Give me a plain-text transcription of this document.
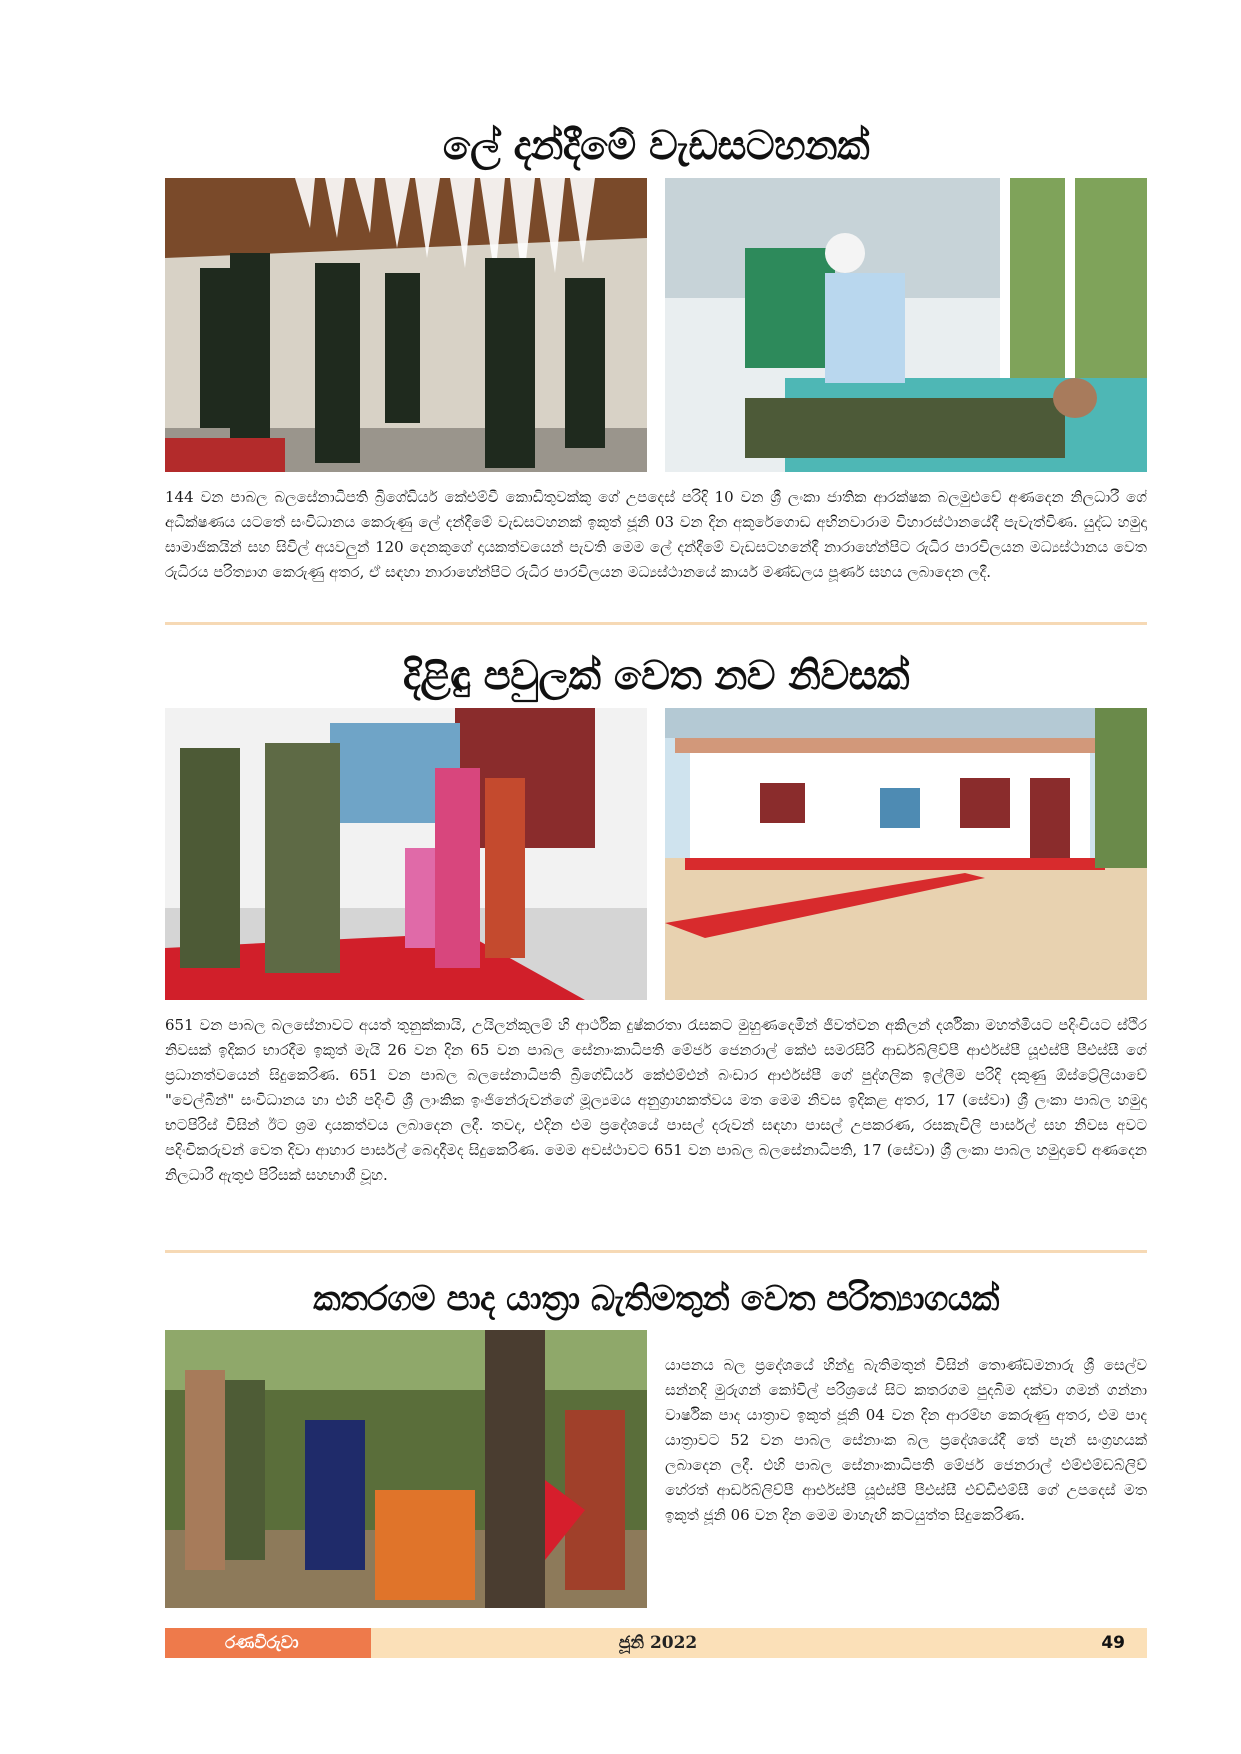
ලේ දන්දීමේ වැඩසටහනක්
144 වන පාබල බලසේනාධිපති බ්‍රිගේඩියර් කේඑම්වී කොඩිතුවක්කු ගේ උපදෙස් පරිදි 10 වන ශ්‍රී ලංකා ජාතික ආරක්ෂක බලමුළුවේ අණදෙන නිලධාරී ගේ අධීක්ෂණය යටතේ සංවිධානය කෙරුණු ලේ දන්දීමේ වැඩසටහනක් ඉකුත් ජූනි 03 වන දින අකුරේගොඩ අභිනවාරාම විහාරස්ථානයේදී පැවැත්විණ. යුද්ධ හමුදා සාමාජිකයින් සහ සිවිල් අයවලුන් 120 දෙනකුගේ දායකත්වයෙන් පැවති මෙම ලේ දන්දීමේ වැඩසටහනේදී නාරාහේන්පිට රුධිර පාරවිලයන මධ්‍යස්ථානය වෙත රුධිරය පරිත්‍යාග කෙරුණු අතර, ඒ සඳහා නාරාහේන්පිට රුධිර පාරවිලයන මධ්‍යස්ථානයේ කාර්ය මණ්ඩලය පූර්ණ සහය ලබාදෙන ලදී.
දිළිඳු පවුලක් වෙත නව නිවසක්
651 වන පාබල බලසේනාවට අයත් තුනුක්කායි, උයිලන්කුලම් හි ආර්ථික දුෂ්කරතා රැසකට මුහුණදෙමින් ජීවත්වන අකිලන් දර්ශිකා මහත්මියට පදිංචියට ස්ථිර නිවසක් ඉදිකර භාරදීම ඉකුත් මැයි 26 වන දින 65 වන පාබල සේනාංකාධිපති මේජර් ජෙනරාල් කේඑ සමරසිරි ආර්ඩබ්ලිව්පී ආර්එස්පී යූඑස්පී පීඑස්සී ගේ ප්‍රධානත්වයෙන් සිදුකෙරිණ. 651 වන පාබල බලසේනාධිපති බ්‍රිගේඩියර් කේඑම්එන් බංඩාර ආර්එස්පී ගේ පුද්ගලික ඉල්ලීම පරිදි දකුණු ඕස්ට්‍රේලියාවේ "වෙල්බීන්" සංවිධානය හා එහි පදිංචි ශ්‍රී ලාංකික ඉංජිනේරුවන්ගේ මූල්‍යමය අනුග්‍රාහකත්වය මත මෙම නිවස ඉදිකළ අතර, 17 (සේවා) ශ්‍රී ලංකා පාබල හමුදා භටපිරිස් විසින් ඊට ශ්‍රම දායකත්වය ලබාදෙන ලදී. තවද, එදින එම ප්‍රදේශයේ පාසල් දරුවන් සඳහා පාසල් උපකරණ, රසකැවිලි පාර්සල් සහ නිවස අවට පදිංචිකරුවන් වෙත දිවා ආහාර පාර්සල් බෙදාදීමද සිදුකෙරිණ. මෙම අවස්ථාවට 651 වන පාබල බලසේනාධිපති, 17 (සේවා) ශ්‍රී ලංකා පාබල හමුදාවේ අණදෙන නිලධාරී ඇතුළු පිරිසක් සහභාගී වූහ.
කතරගම පාද යාත්‍රා බැතිමතුන් වෙත පරිත්‍යාගයක්
යාපනය බල ප්‍රදේශයේ හින්දු බැතිමතුන් විසින් තොණ්ඩමනාරු ශ්‍රී සෙල්ව සන්නදි මුරුගන් කෝවිල් පරිශ්‍රයේ සිට කතරගම පුදබිම දක්වා ගමන් ගන්නා වාර්ෂික පාද යාත්‍රාව ඉකුත් ජූනි 04 වන දින ආරම්භ කෙරුණු අතර, එම පාද යාත්‍රාවට 52 වන පාබල සේනාංක බල ප්‍රදේශයේදී තේ පැන් සංග්‍රහයක් ලබාදෙන ලදී. එහි පාබල සේනාංකාධිපති මේජර් ජෙනරාල් එම්එම්ඩබ්ලිව් හේරත් ආර්ඩබ්ලිව්පී ආර්එස්පී යූඑස්පී පීඑස්සී එච්ඩීඑම්සී ගේ උපදෙස් මත ඉකුත් ජූනි 06 වන දින මෙම මාහැඟි කටයුත්ත සිදුකෙරිණ.
රණවිරුවා	ජූනි 2022	49
